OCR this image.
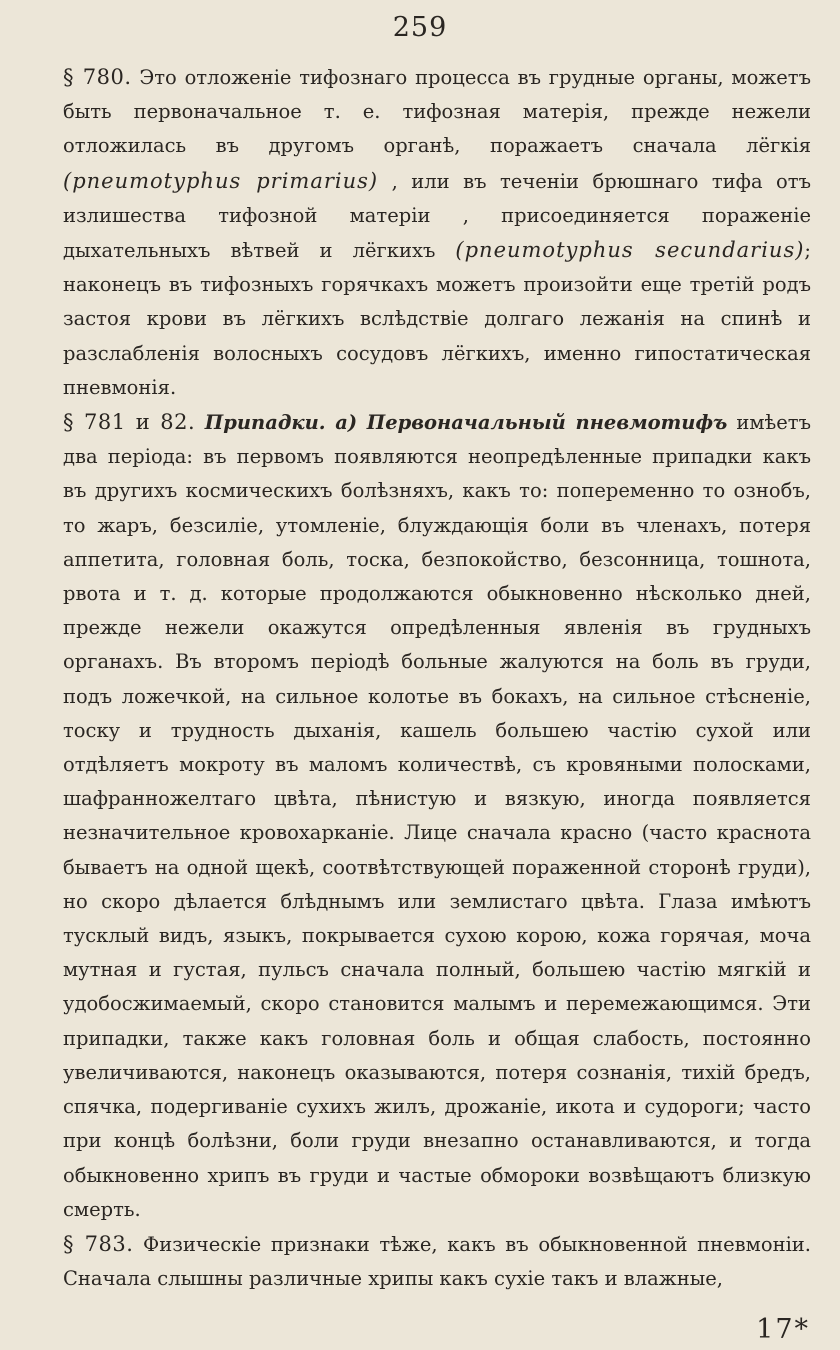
259

§ 780. Это отложенiе тифознаго процесса въ грудные органы, можетъ быть первоначальное т. е. тифозная матерiя, прежде нежели отложилась въ другомъ органѣ, поражаетъ сначала лёгкiя (pneumotyphus primarius) , или въ теченiи брюшнаго тифа отъ излишества тифозной матерiи , присоединяется пораженiе дыхательныхъ вѣтвей и лёгкихъ (pneumotyphus secundarius); наконецъ въ тифозныхъ горячкахъ можетъ произойти еще третiй родъ застоя крови въ лёгкихъ вслѣдствiе долгаго лежанiя на спинѣ и разслабленiя волосныхъ сосудовъ лёгкихъ, именно гипостатическая пневмонiя.

§ 781 и 82. Припадки. а) Первоначальный пневмотифъ имѣетъ два перiода: въ первомъ появляются неопредѣленные припадки какъ въ другихъ космическихъ болѣзняхъ, какъ то: попеременно то ознобъ, то жаръ, безсилiе, утомленiе, блуждающiя боли въ членахъ, потеря аппетита, головная боль, тоска, безпокойство, безсонница, тошнота, рвота и т. д. которые продолжаются обыкновенно нѣсколько дней, прежде нежели окажутся опредѣленныя явленiя въ грудныхъ органахъ. Въ второмъ перiодѣ больные жалуются на боль въ груди, подъ ложечкой, на сильное колотье въ бокахъ, на сильное стѣсненiе, тоску и трудность дыханiя, кашель большею частiю сухой или отдѣляетъ мокроту въ маломъ количествѣ, съ кровяными полосками, шафранножелтаго цвѣта, пѣнистую и вязкую, иногда появляется незначительное кровохарканiе. Лице сначала красно (часто краснота бываетъ на одной щекѣ, соотвѣтствующей пораженной сторонѣ груди), но скоро дѣлается блѣднымъ или землистаго цвѣта. Глаза имѣютъ тусклый видъ, языкъ, покрывается сухою корою, кожа горячая, моча мутная и густая, пульсъ сначала полный, большею частiю мягкiй и удобосжимаемый, скоро становится малымъ и перемежающимся. Эти припадки, также какъ головная боль и общая слабость, постоянно увеличиваются, наконецъ оказываются, потеря сознанiя, тихiй бредъ, спячка, подергиванiе сухихъ жилъ, дрожанiе, икота и судороги; часто при концѣ болѣзни, боли груди внезапно останавливаются, и тогда обыкновенно хрипъ въ груди и частые обмороки возвѣщаютъ близкую смерть.

§ 783. Физическiе признаки тѣже, какъ въ обыкновенной пневмонiи. Сначала слышны различные хрипы какъ сухiе такъ и влажные,

17*
